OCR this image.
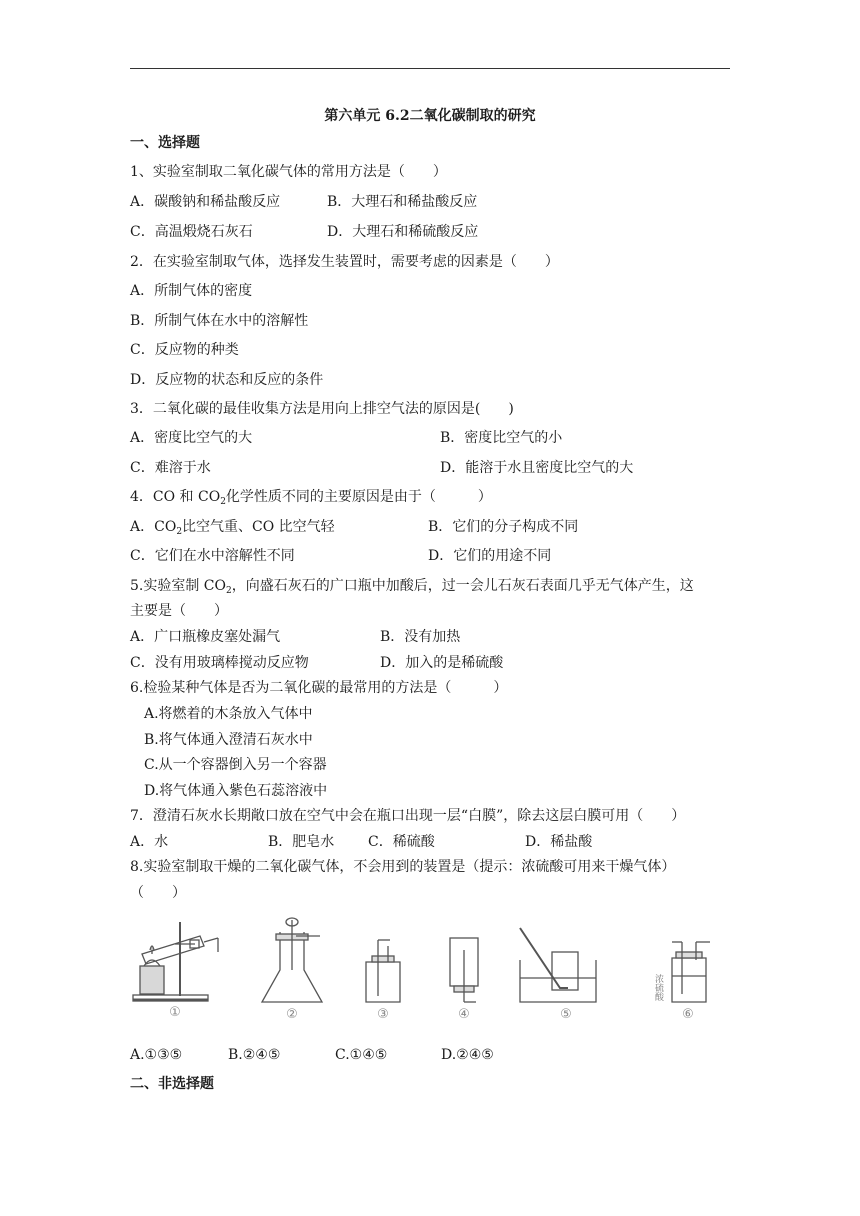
第六单元 6.2二氧化碳制取的研究
一、选择题
1、实验室制取二氧化碳气体的常用方法是（　　）
A．碳酸钠和稀盐酸反应	B．大理石和稀盐酸反应
C．高温煅烧石灰石	D．大理石和稀硫酸反应
2．在实验室制取气体，选择发生装置时，需要考虑的因素是（　　）
A．所制气体的密度
B．所制气体在水中的溶解性
C．反应物的种类
D．反应物的状态和反应的条件
3．二氧化碳的最佳收集方法是用向上排空气法的原因是(　　)
A．密度比空气的大	B．密度比空气的小
C．难溶于水	D．能溶于水且密度比空气的大
4．CO 和 $CO_2$化学性质不同的主要原因是由于（　　　）
A．$CO_2$比空气重、CO 比空气轻	B．它们的分子构成不同
C．它们在水中溶解性不同	D．它们的用途不同
5.实验室制 $CO_2$，向盛石灰石的广口瓶中加酸后，过一会儿石灰石表面几乎无气体产生，这
主要是（　　）
A．广口瓶橡皮塞处漏气	B．没有加热
C．没有用玻璃棒搅动反应物	D．加入的是稀硫酸
6.检验某种气体是否为二氧化碳的最常用的方法是（　　　）
A.将燃着的木条放入气体中
B.将气体通入澄清石灰水中
C.从一个容器倒入另一个容器
D.将气体通入紫色石蕊溶液中
7．澄清石灰水长期敞口放在空气中会在瓶口出现一层“白膜”，除去这层白膜可用（　　）
A．水	B．肥皂水 C．稀硫酸	D．稀盐酸
8.实验室制取干燥的二氧化碳气体，不会用到的装置是（提示：浓硫酸可用来干燥气体）
（　　）
①	②	③	④	⑤
浓硫酸
⑥
A.①③⑤	B.②④⑤	C.①④⑤	D.②④⑤
二、非选择题
